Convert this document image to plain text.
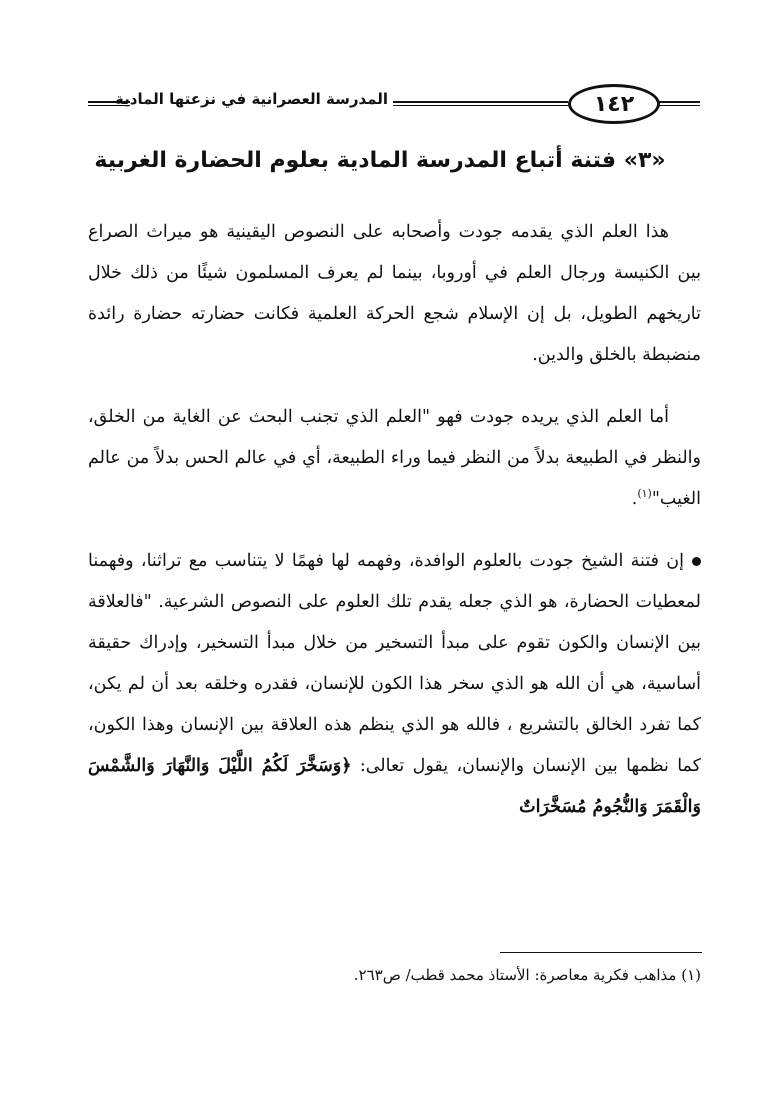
١٤٢
المدرسة العصرانية في نزعتها المادية
«٣» فتنة أتباع المدرسة المادية بعلوم الحضارة الغربية

هذا العلم الذي يقدمه جودت وأصحابه على النصوص اليقينية هو ميراث الصراع بين الكنيسة ورجال العلم في أوروبا، بينما لم يعرف المسلمون شيئًا من ذلك خلال تاريخهم الطويل، بل إن الإسلام شجع الحركة العلمية فكانت حضارته حضارة رائدة منضبطة بالخلق والدين.

أما العلم الذي يريده جودت فهو "العلم الذي تجنب البحث عن الغاية من الخلق، والنظر في الطبيعة بدلاً من النظر فيما وراء الطبيعة، أي في عالم الحس بدلاً من عالم الغيب"$^{(١)}$.

إن فتنة الشيخ جودت بالعلوم الوافدة، وفهمه لها فهمًا لا يتناسب مع تراثنا، وفهمنا لمعطيات الحضارة، هو الذي جعله يقدم تلك العلوم على النصوص الشرعية. "فالعلاقة بين الإنسان والكون تقوم على مبدأ التسخير من خلال مبدأ التسخير، وإدراك حقيقة أساسية، هي أن الله هو الذي سخر هذا الكون للإنسان، فقدره وخلقه بعد أن لم يكن، كما تفرد الخالق بالتشريع ، فالله هو الذي ينظم هذه العلاقة بين الإنسان وهذا الكون، كما نظمها بين الإنسان والإنسان، يقول تعالى: ﴿وَسَخَّرَ لَكُمُ اللَّيْلَ وَالنَّهَارَ وَالشَّمْسَ وَالْقَمَرَ وَالنُّجُومُ مُسَخَّرَاتٌ

(١) مذاهب فكرية معاصرة: الأستاذ محمد قطب/ ص٢٦٣.
